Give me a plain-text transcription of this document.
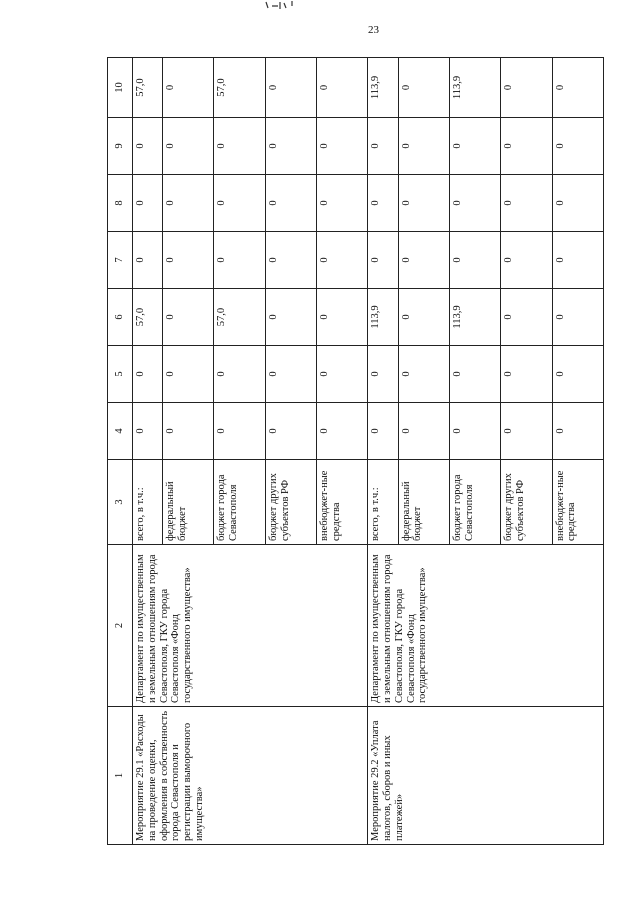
23
1	2	3	4	5	6	7	8	9	10
Мероприятие 29.1 «Расходы на проведение оценки, оформления в собственность города Севастополя и регистрации выморочного имущества»	Департамент по имущественным и земельным отношениям города Севастополя, ГКУ города Севастополя «Фонд государственного имущества»	всего, в т.ч.:	0	0	57,0	0	0	0	57,0
		федеральный бюджет	0	0	0	0	0	0	0
		бюджет города Севастополя	0	0	57,0	0	0	0	57,0
		бюджет других субъектов РФ	0	0	0	0	0	0	0
		внебюджет-ные средства	0	0	0	0	0	0	0
Мероприятие 29.2 «Уплата налогов, сборов и иных платежей»	Департамент по имущественным и земельным отношениям города Севастополя, ГКУ города Севастополя «Фонд государственного имущества»	всего, в т.ч.:	0	0	113,9	0	0	0	113,9
		федеральный бюджет	0	0	0	0	0	0	0
		бюджет города Севастополя	0	0	113,9	0	0	0	113,9
		бюджет других субъектов РФ	0	0	0	0	0	0	0
		внебюджет-ные средства	0	0	0	0	0	0	0
